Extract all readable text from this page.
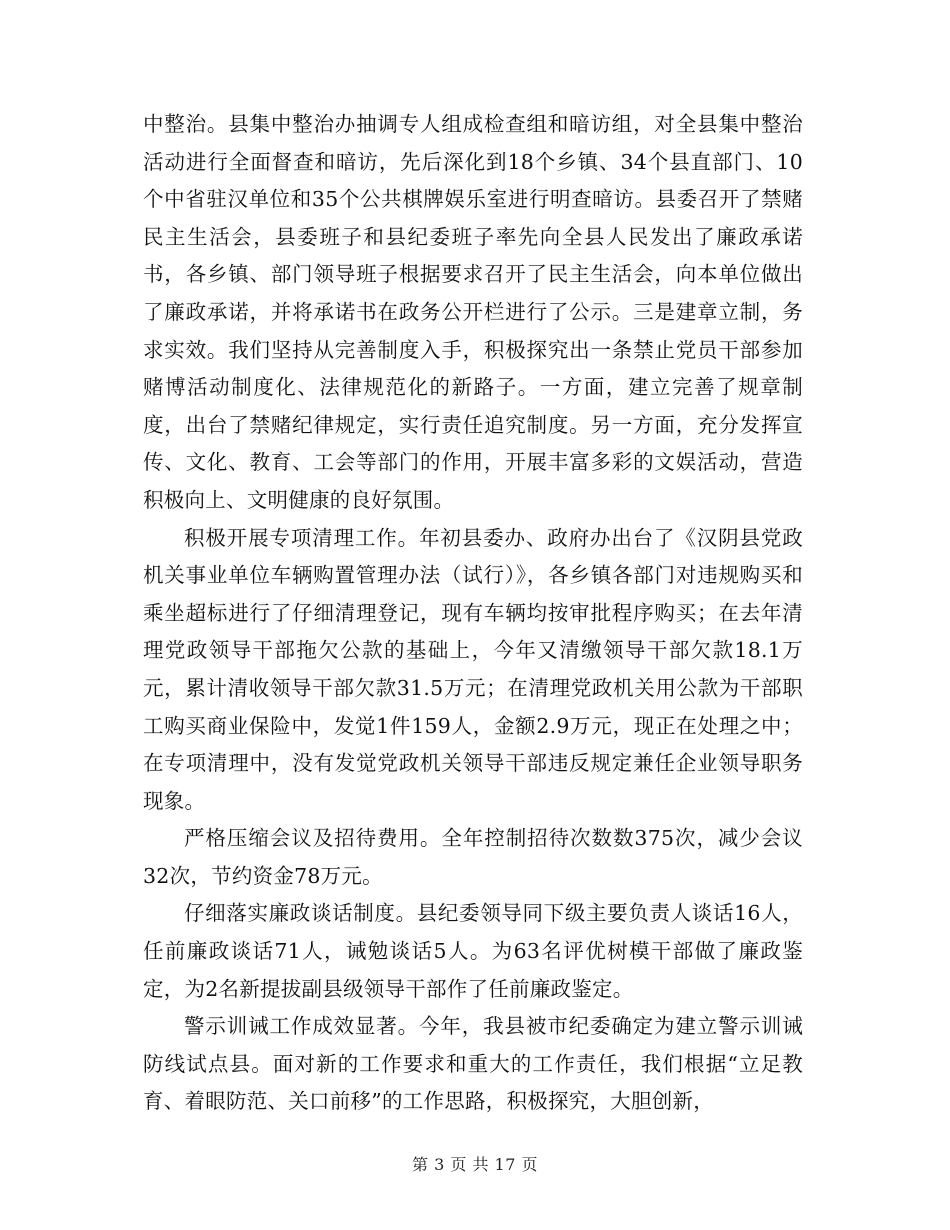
中整治。县集中整治办抽调专人组成检查组和暗访组，对全县集中整治活动进行全面督查和暗访，先后深化到18个乡镇、34个县直部门、10个中省驻汉单位和35个公共棋牌娱乐室进行明查暗访。县委召开了禁赌民主生活会，县委班子和县纪委班子率先向全县人民发出了廉政承诺书，各乡镇、部门领导班子根据要求召开了民主生活会，向本单位做出了廉政承诺，并将承诺书在政务公开栏进行了公示。三是建章立制，务求实效。我们坚持从完善制度入手，积极探究出一条禁止党员干部参加赌博活动制度化、法律规范化的新路子。一方面，建立完善了规章制度，出台了禁赌纪律规定，实行责任追究制度。另一方面，充分发挥宣传、文化、教育、工会等部门的作用，开展丰富多彩的文娱活动，营造积极向上、文明健康的良好氛围。

积极开展专项清理工作。年初县委办、政府办出台了《汉阴县党政机关事业单位车辆购置管理办法（试行）》，各乡镇各部门对违规购买和乘坐超标进行了仔细清理登记，现有车辆均按审批程序购买；在去年清理党政领导干部拖欠公款的基础上，今年又清缴领导干部欠款18.1万元，累计清收领导干部欠款31.5万元；在清理党政机关用公款为干部职工购买商业保险中，发觉1件159人，金额2.9万元，现正在处理之中；在专项清理中，没有发觉党政机关领导干部违反规定兼任企业领导职务现象。

严格压缩会议及招待费用。全年控制招待次数数375次，减少会议32次，节约资金78万元。

仔细落实廉政谈话制度。县纪委领导同下级主要负责人谈话16人，任前廉政谈话71人，诫勉谈话5人。为63名评优树模干部做了廉政鉴定，为2名新提拔副县级领导干部作了任前廉政鉴定。

警示训诫工作成效显著。今年，我县被市纪委确定为建立警示训诫防线试点县。面对新的工作要求和重大的工作责任，我们根据“立足教育、着眼防范、关口前移”的工作思路，积极探究，大胆创新，

第 3 页 共 17 页
